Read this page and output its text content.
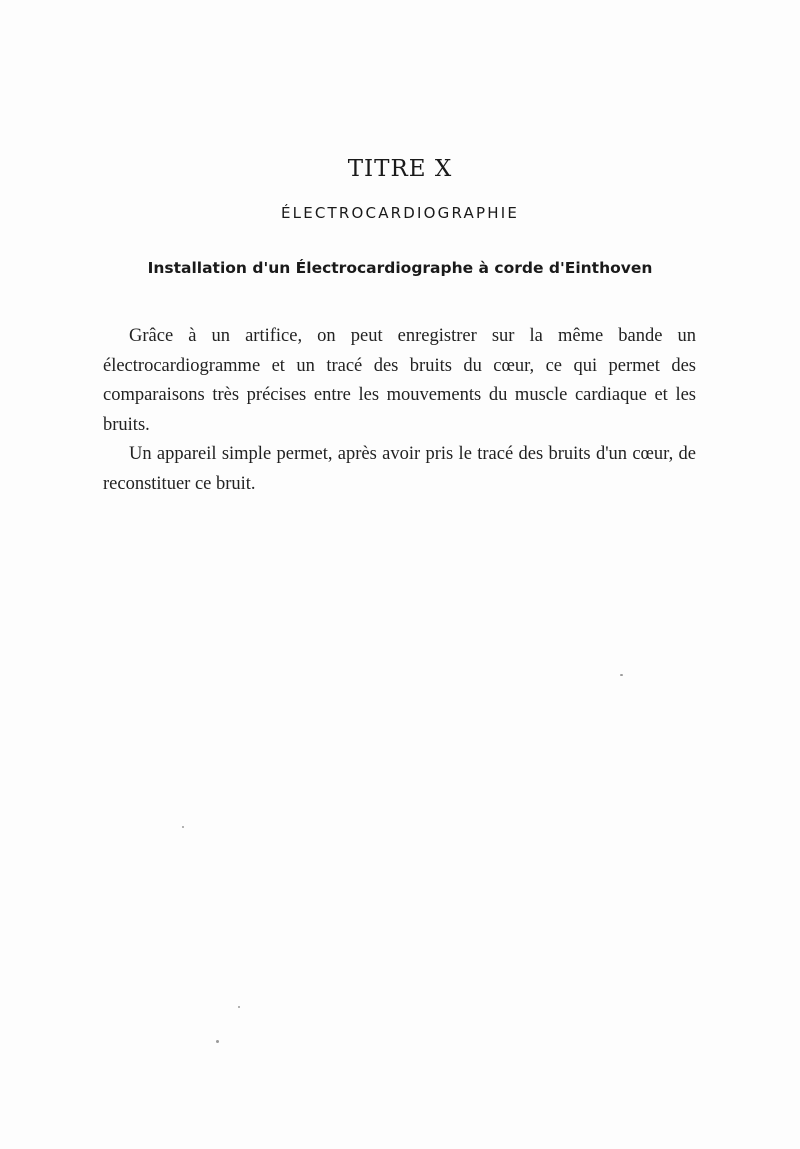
TITRE X
ÉLECTROCARDIOGRAPHIE
Installation d'un Électrocardiographe à corde d'Einthoven

Grâce à un artifice, on peut enregistrer sur la même bande un électrocardiogramme et un tracé des bruits du cœur, ce qui permet des comparaisons très précises entre les mouvements du muscle cardiaque et les bruits.

Un appareil simple permet, après avoir pris le tracé des bruits d'un cœur, de reconstituer ce bruit.
